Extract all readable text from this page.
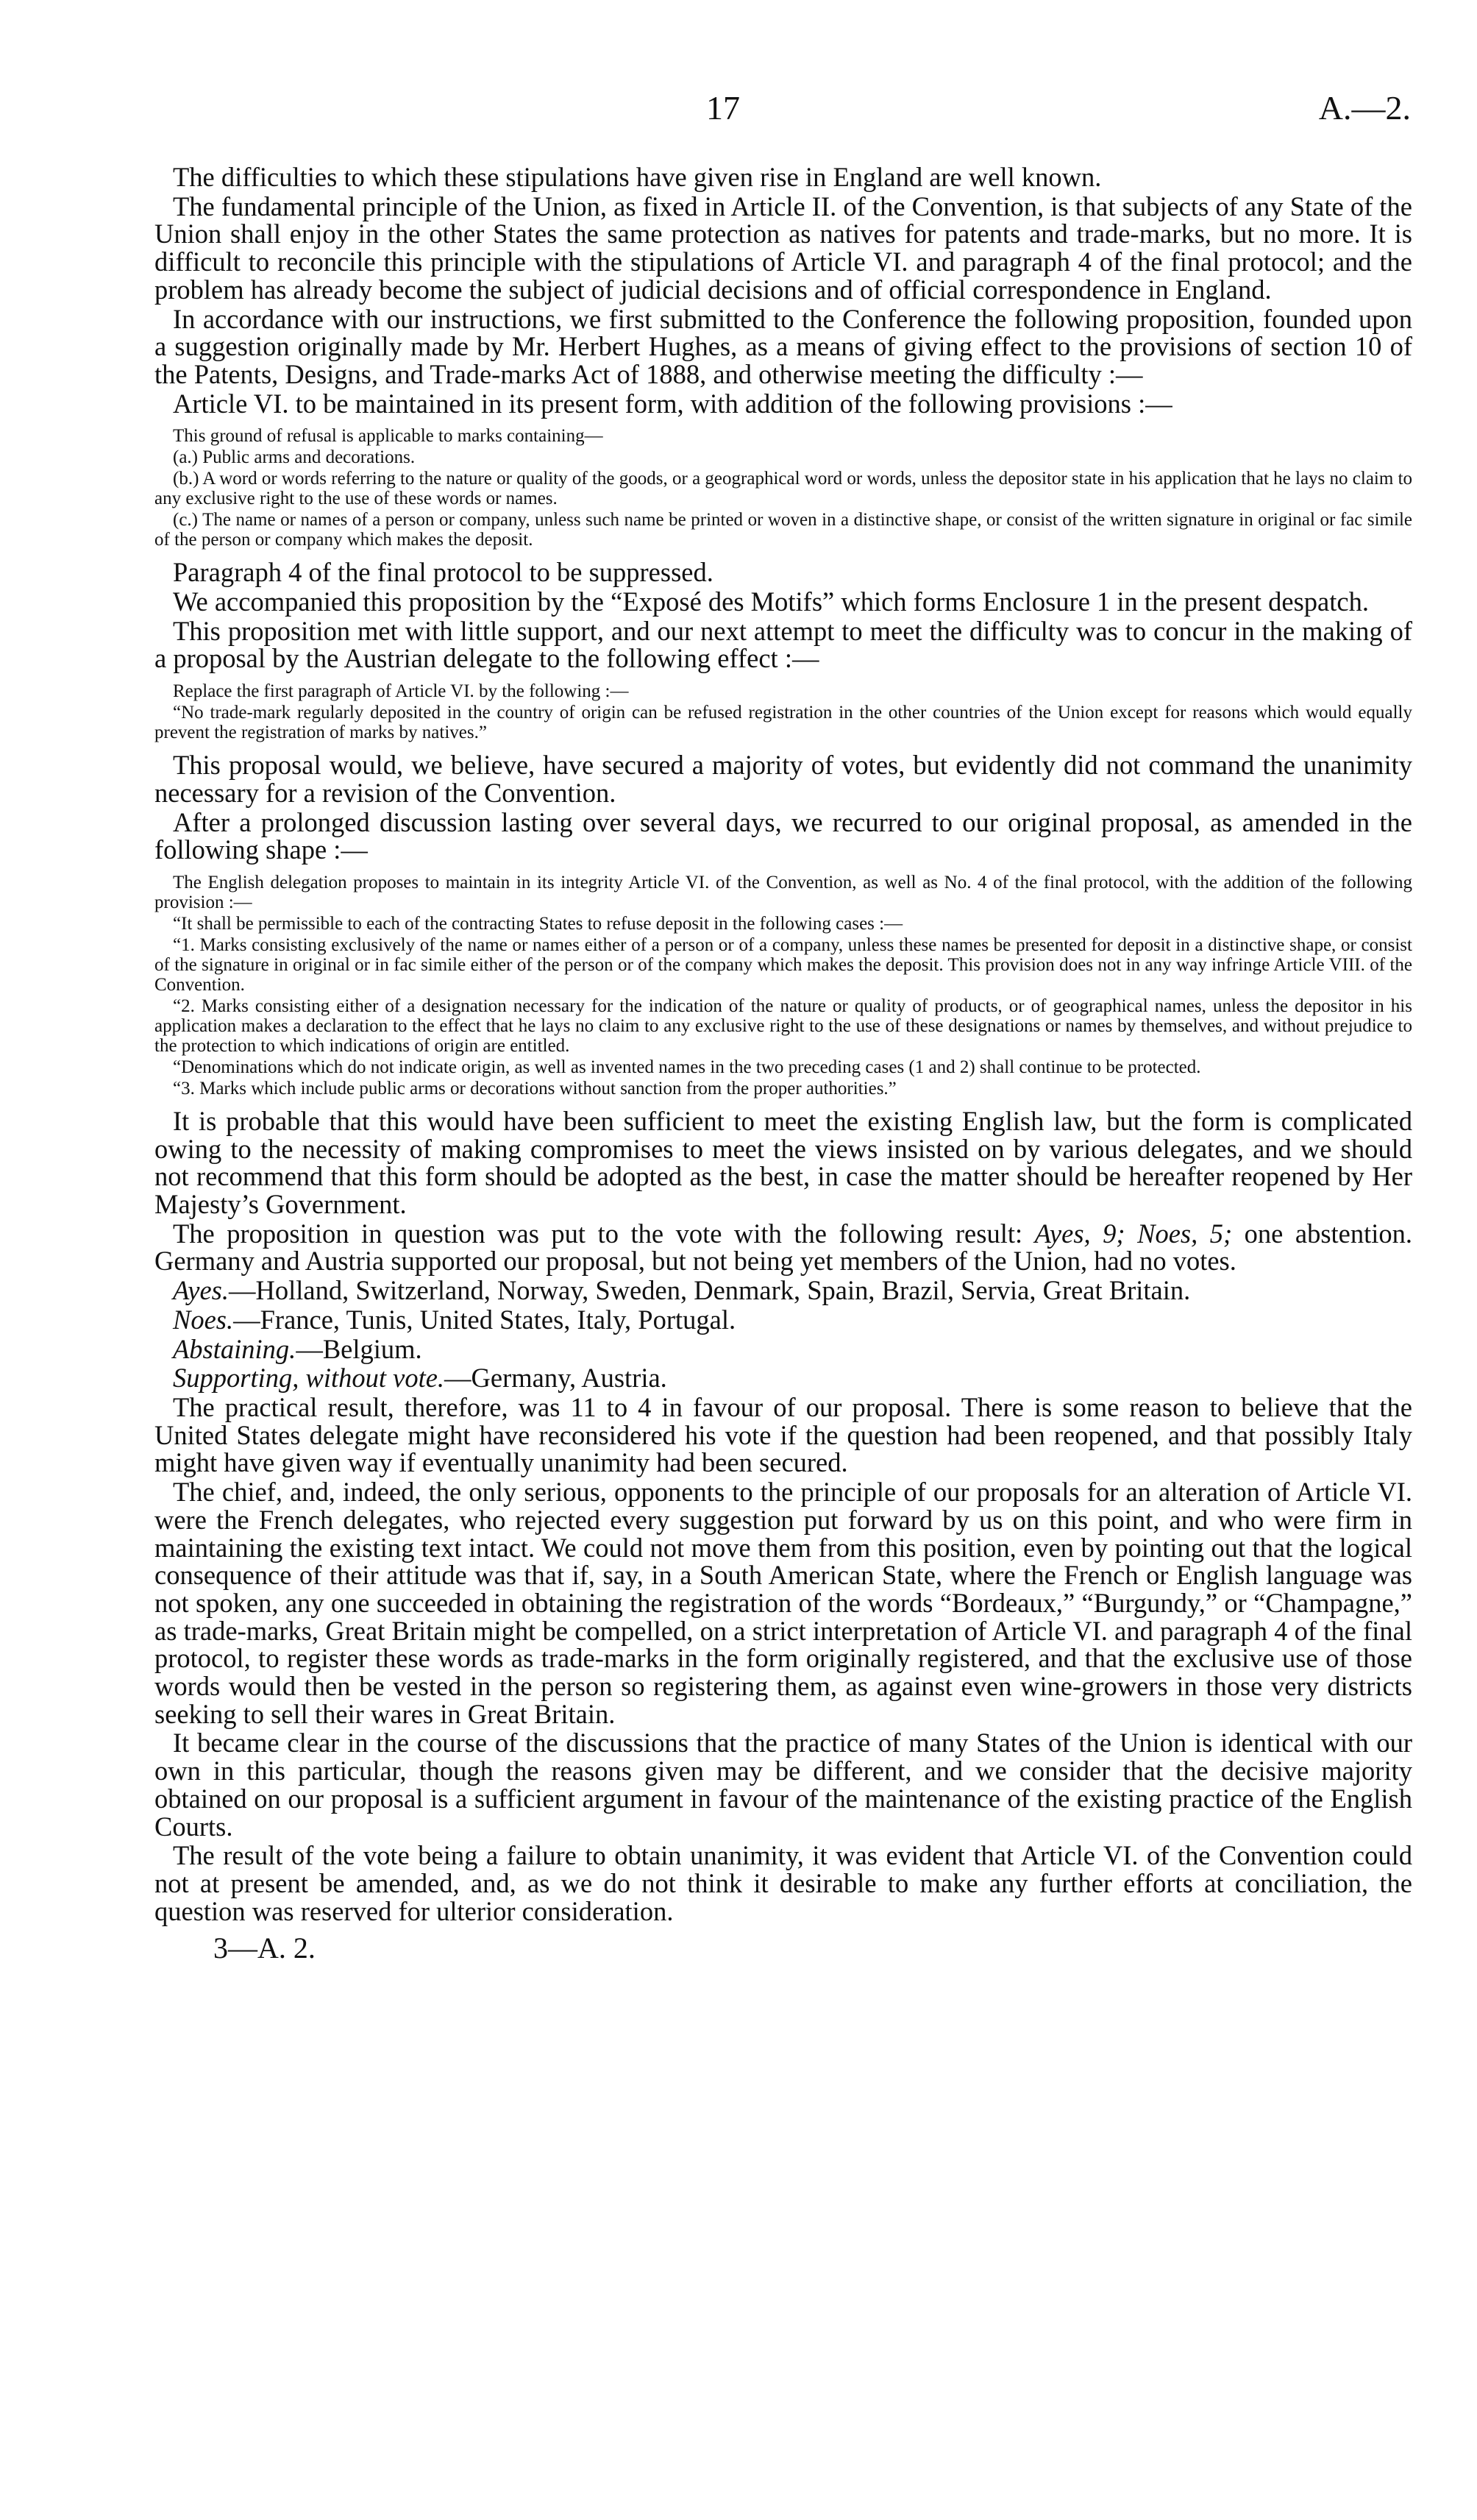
17	A.—2.

The difficulties to which these stipulations have given rise in England are well known.

The fundamental principle of the Union, as fixed in Article II. of the Convention, is that subjects of any State of the Union shall enjoy in the other States the same protection as natives for patents and trade-marks, but no more. It is difficult to reconcile this principle with the stipulations of Article VI. and paragraph 4 of the final protocol; and the problem has already become the subject of judicial decisions and of official correspondence in England.

In accordance with our instructions, we first submitted to the Conference the following proposition, founded upon a suggestion originally made by Mr. Herbert Hughes, as a means of giving effect to the provisions of section 10 of the Patents, Designs, and Trade-marks Act of 1888, and otherwise meeting the difficulty :—

Article VI. to be maintained in its present form, with addition of the following provisions :—

This ground of refusal is applicable to marks containing—

(a.) Public arms and decorations.

(b.) A word or words referring to the nature or quality of the goods, or a geographical word or words, unless the depositor state in his application that he lays no claim to any exclusive right to the use of these words or names.

(c.) The name or names of a person or company, unless such name be printed or woven in a distinctive shape, or consist of the written signature in original or fac simile of the person or company which makes the deposit.

Paragraph 4 of the final protocol to be suppressed.

We accompanied this proposition by the “Exposé des Motifs” which forms Enclosure 1 in the present despatch.

This proposition met with little support, and our next attempt to meet the difficulty was to concur in the making of a proposal by the Austrian delegate to the following effect :—

Replace the first paragraph of Article VI. by the following :—

“No trade-mark regularly deposited in the country of origin can be refused registration in the other countries of the Union except for reasons which would equally prevent the registration of marks by natives.”

This proposal would, we believe, have secured a majority of votes, but evidently did not command the unanimity necessary for a revision of the Convention.

After a prolonged discussion lasting over several days, we recurred to our original proposal, as amended in the following shape :—

The English delegation proposes to maintain in its integrity Article VI. of the Convention, as well as No. 4 of the final protocol, with the addition of the following provision :—

“It shall be permissible to each of the contracting States to refuse deposit in the following cases :—

“1. Marks consisting exclusively of the name or names either of a person or of a company, unless these names be presented for deposit in a distinctive shape, or consist of the signature in original or in fac simile either of the person or of the company which makes the deposit. This provision does not in any way infringe Article VIII. of the Convention.

“2. Marks consisting either of a designation necessary for the indication of the nature or quality of products, or of geographical names, unless the depositor in his application makes a declaration to the effect that he lays no claim to any exclusive right to the use of these designations or names by themselves, and without prejudice to the protection to which indications of origin are entitled.

“Denominations which do not indicate origin, as well as invented names in the two preceding cases (1 and 2) shall continue to be protected.

“3. Marks which include public arms or decorations without sanction from the proper authorities.”

It is probable that this would have been sufficient to meet the existing English law, but the form is complicated owing to the necessity of making compromises to meet the views insisted on by various delegates, and we should not recommend that this form should be adopted as the best, in case the matter should be hereafter reopened by Her Majesty’s Government.

The proposition in question was put to the vote with the following result: Ayes, 9; Noes, 5; one abstention. Germany and Austria supported our proposal, but not being yet members of the Union, had no votes.

Ayes.—Holland, Switzerland, Norway, Sweden, Denmark, Spain, Brazil, Servia, Great Britain.

Noes.—France, Tunis, United States, Italy, Portugal.

Abstaining.—Belgium.

Supporting, without vote.—Germany, Austria.

The practical result, therefore, was 11 to 4 in favour of our proposal. There is some reason to believe that the United States delegate might have reconsidered his vote if the question had been reopened, and that possibly Italy might have given way if eventually unanimity had been secured.

The chief, and, indeed, the only serious, opponents to the principle of our proposals for an alteration of Article VI. were the French delegates, who rejected every suggestion put forward by us on this point, and who were firm in maintaining the existing text intact. We could not move them from this position, even by pointing out that the logical consequence of their attitude was that if, say, in a South American State, where the French or English language was not spoken, any one succeeded in obtaining the registration of the words “Bordeaux,” “Burgundy,” or “Champagne,” as trade-marks, Great Britain might be compelled, on a strict interpretation of Article VI. and paragraph 4 of the final protocol, to register these words as trade-marks in the form originally registered, and that the exclusive use of those words would then be vested in the person so registering them, as against even wine-growers in those very districts seeking to sell their wares in Great Britain.

It became clear in the course of the discussions that the practice of many States of the Union is identical with our own in this particular, though the reasons given may be different, and we consider that the decisive majority obtained on our proposal is a sufficient argument in favour of the maintenance of the existing practice of the English Courts.

The result of the vote being a failure to obtain unanimity, it was evident that Article VI. of the Convention could not at present be amended, and, as we do not think it desirable to make any further efforts at conciliation, the question was reserved for ulterior consideration.

3—A. 2.
